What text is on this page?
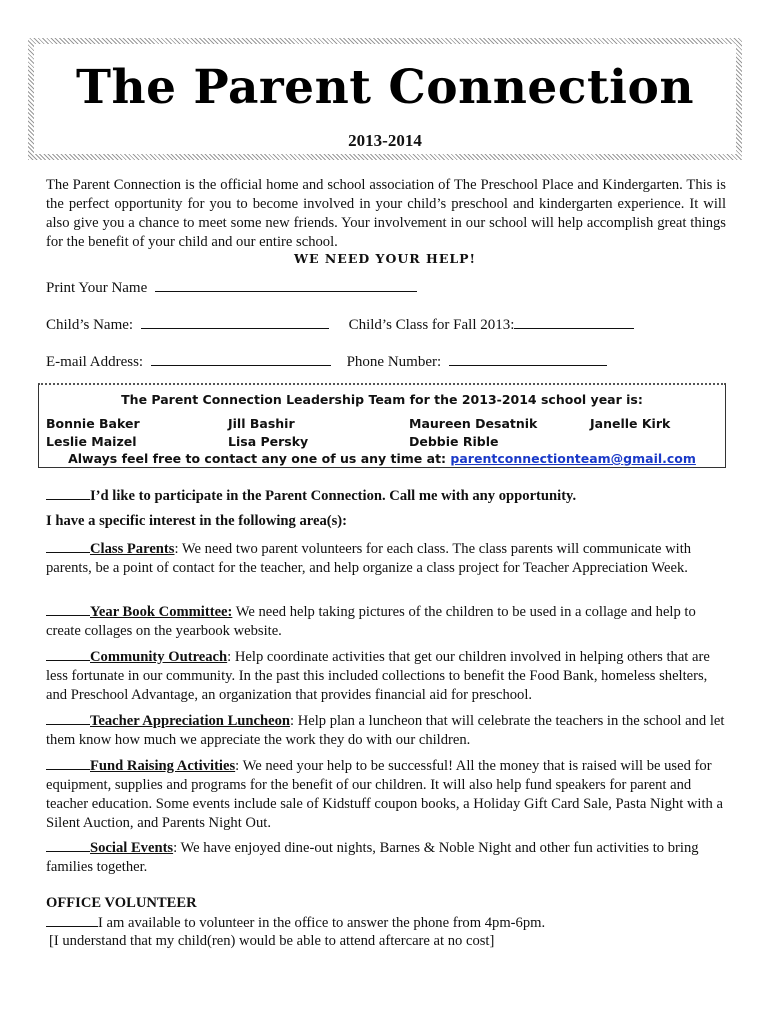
The Parent Connection
2013-2014

The Parent Connection is the official home and school association of The Preschool Place and Kindergarten. This is the perfect opportunity for you to become involved in your child’s preschool and kindergarten experience. It will also give you a chance to meet some new friends. Your involvement in our school will help accomplish great things for the benefit of your child and our entire school.

WE NEED YOUR HELP!
Print Your Name
Child’s Name:	Child’s Class for Fall 2013:
E-mail Address:	Phone Number:
The Parent Connection Leadership Team for the 2013-2014 school year is:
Bonnie Baker	Jill Bashir	Maureen Desatnik	Janelle Kirk
Leslie Maizel	Lisa Persky	Debbie Rible
Always feel free to contact any one of us any time at: parentconnectionteam@gmail.com

I’d like to participate in the Parent Connection. Call me with any opportunity.

I have a specific interest in the following area(s):

Class Parents: We need two parent volunteers for each class. The class parents will communicate with parents, be a point of contact for the teacher, and help organize a class project for Teacher Appreciation Week.

Year Book Committee: We need help taking pictures of the children to be used in a collage and help to create collages on the yearbook website.

Community Outreach: Help coordinate activities that get our children involved in helping others that are less fortunate in our community. In the past this included collections to benefit the Food Bank, homeless shelters, and Preschool Advantage, an organization that provides financial aid for preschool.

Teacher Appreciation Luncheon: Help plan a luncheon that will celebrate the teachers in the school and let them know how much we appreciate the work they do with our children.

Fund Raising Activities: We need your help to be successful! All the money that is raised will be used for equipment, supplies and programs for the benefit of our children. It will also help fund speakers for parent and teacher education. Some events include sale of Kidstuff coupon books, a Holiday Gift Card Sale, Pasta Night with a Silent Auction, and Parents Night Out.

Social Events: We have enjoyed dine-out nights, Barnes & Noble Night and other fun activities to bring families together.

OFFICE VOLUNTEER

I am available to volunteer in the office to answer the phone from 4pm-6pm.

[I understand that my child(ren) would be able to attend aftercare at no cost]
